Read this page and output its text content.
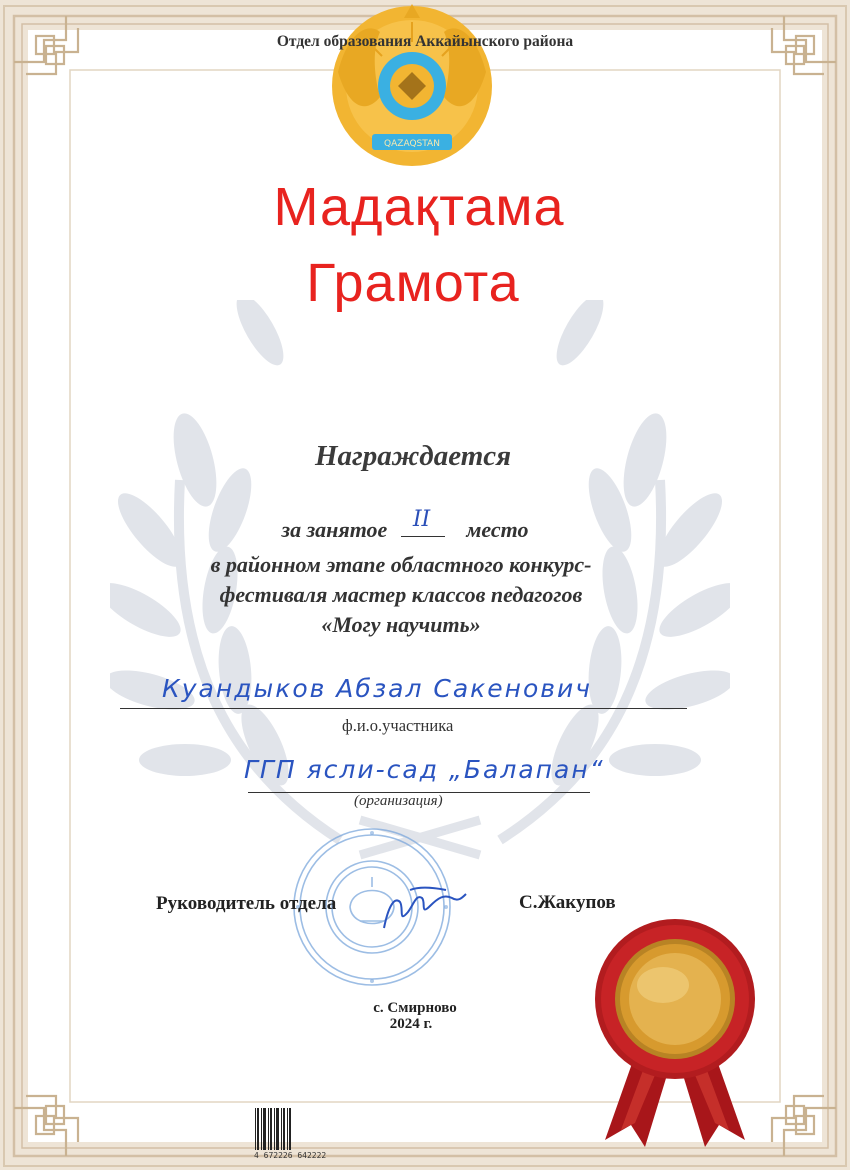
QAZAQSTAN
Отдел образования Аккайынского района
Мадақтама
Грамота
Награждается
за занятое II место
в районном этапе областного конкурс-
фестиваля мастер классов педагогов
«Могу научить»
Куандыков Абзал Сакенович
ф.и.о.участника
ГГП ясли-сад „Балапан“
(организация)
Руководитель отдела	С.Жакупов
с. Смирново
2024 г.
4 672226 642222
